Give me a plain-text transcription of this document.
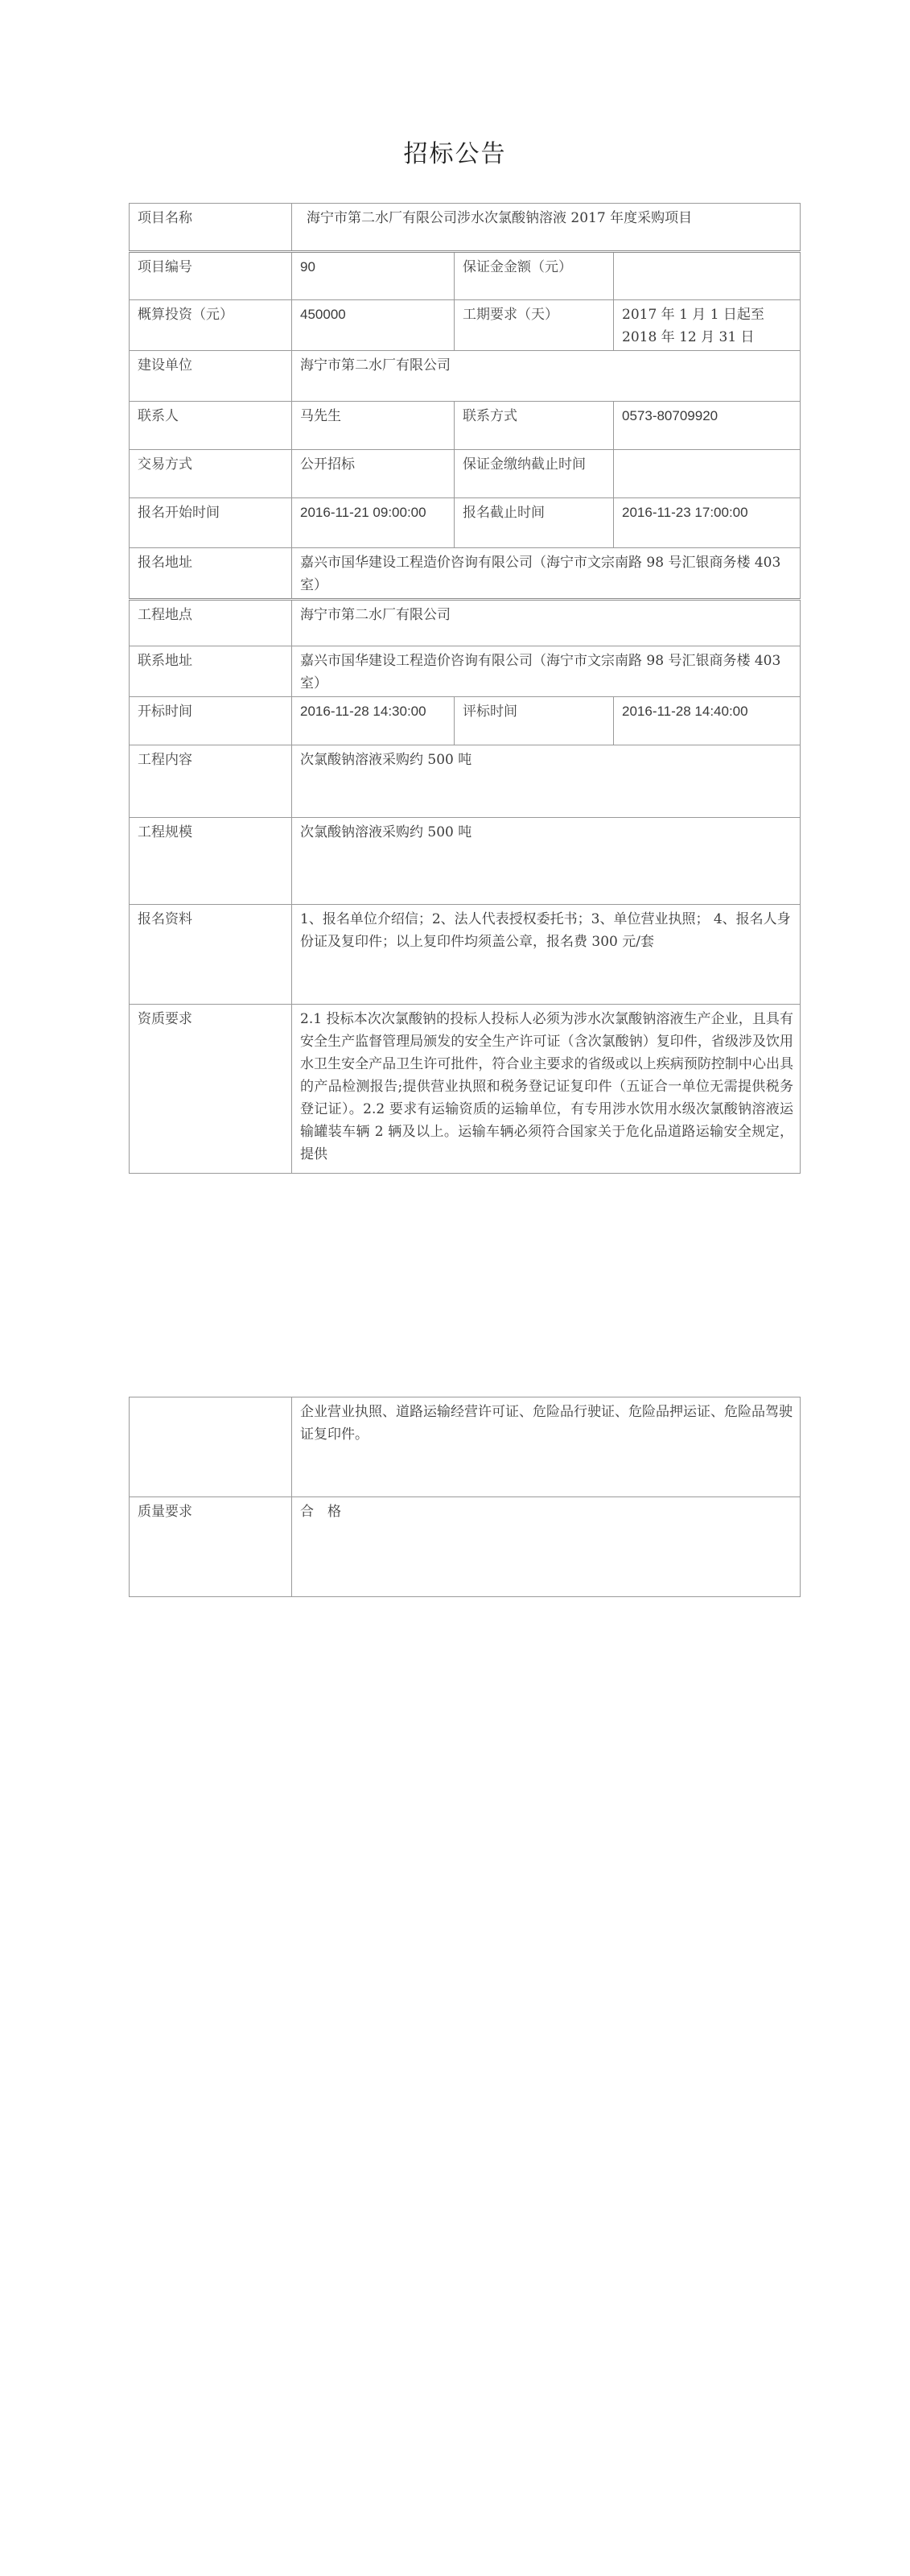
招标公告
项目名称	海宁市第二水厂有限公司涉水次氯酸钠溶液 2017 年度采购项目		
项目编号	90	保证金金额（元）	
概算投资（元）	450000	工期要求（天）	2017 年 1 月 1 日起至 2018 年 12 月 31 日
建设单位	海宁市第二水厂有限公司		
联系人	马先生	联系方式	0573-80709920
交易方式	公开招标	保证金缴纳截止时间	
报名开始时间	2016-11-21 09:00:00	报名截止时间	2016-11-23 17:00:00
报名地址	嘉兴市国华建设工程造价咨询有限公司（海宁市文宗南路 98 号汇银商务楼 403 室）		
工程地点	海宁市第二水厂有限公司		
联系地址	嘉兴市国华建设工程造价咨询有限公司（海宁市文宗南路 98 号汇银商务楼 403 室）		
开标时间	2016-11-28 14:30:00	评标时间	2016-11-28 14:40:00
工程内容	次氯酸钠溶液采购约 500 吨		
工程规模	次氯酸钠溶液采购约 500 吨		
报名资料	1、报名单位介绍信；2、法人代表授权委托书；3、单位营业执照； 4、报名人身份证及复印件；以上复印件均须盖公章，报名费 300 元/套		
资质要求	2.1 投标本次次氯酸钠的投标人投标人必须为涉水次氯酸钠溶液生产企业，且具有安全生产监督管理局颁发的安全生产许可证（含次氯酸钠）复印件，省级涉及饮用水卫生安全产品卫生许可批件，符合业主要求的省级或以上疾病预防控制中心出具的产品检测报告;提供营业执照和税务登记证复印件（五证合一单位无需提供税务登记证）。2.2 要求有运输资质的运输单位，有专用涉水饮用水级次氯酸钠溶液运输罐装车辆 2 辆及以上。运输车辆必须符合国家关于危化品道路运输安全规定，提供		
	企业营业执照、道路运输经营许可证、危险品行驶证、危险品押运证、危险品驾驶证复印件。
质量要求	合　格
